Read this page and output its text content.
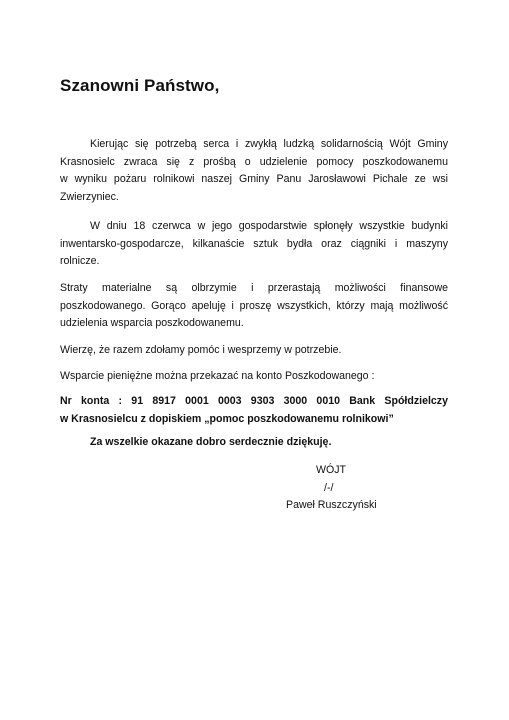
Szanowni Państwo,
Kierując się potrzebą serca i zwykłą ludzką solidarnością Wójt Gminy
Krasnosielc zwraca się z prośbą o udzielenie pomocy poszkodowanemu
w wyniku pożaru rolnikowi naszej Gminy Panu Jarosławowi Pichale ze wsi
Zwierzyniec.
W dniu 18 czerwca w jego gospodarstwie spłonęły wszystkie budynki
inwentarsko-gospodarcze, kilkanaście sztuk bydła oraz ciągniki i maszyny
rolnicze.
Straty materialne są olbrzymie i przerastają możliwości finansowe
poszkodowanego. Gorąco apeluję i proszę wszystkich, którzy mają możliwość
udzielenia wsparcia poszkodowanemu.
Wierzę, że razem zdołamy pomóc i wesprzemy w potrzebie.
Wsparcie pieniężne można przekazać na konto Poszkodowanego :
Nr konta : 91 8917 0001 0003 9303 3000 0010 Bank Spółdzielczy
w Krasnosielcu z dopiskiem „pomoc poszkodowanemu rolnikowi”
Za wszelkie okazane dobro serdecznie dziękuję.
WÓJT
/-/
Paweł Ruszczyński
